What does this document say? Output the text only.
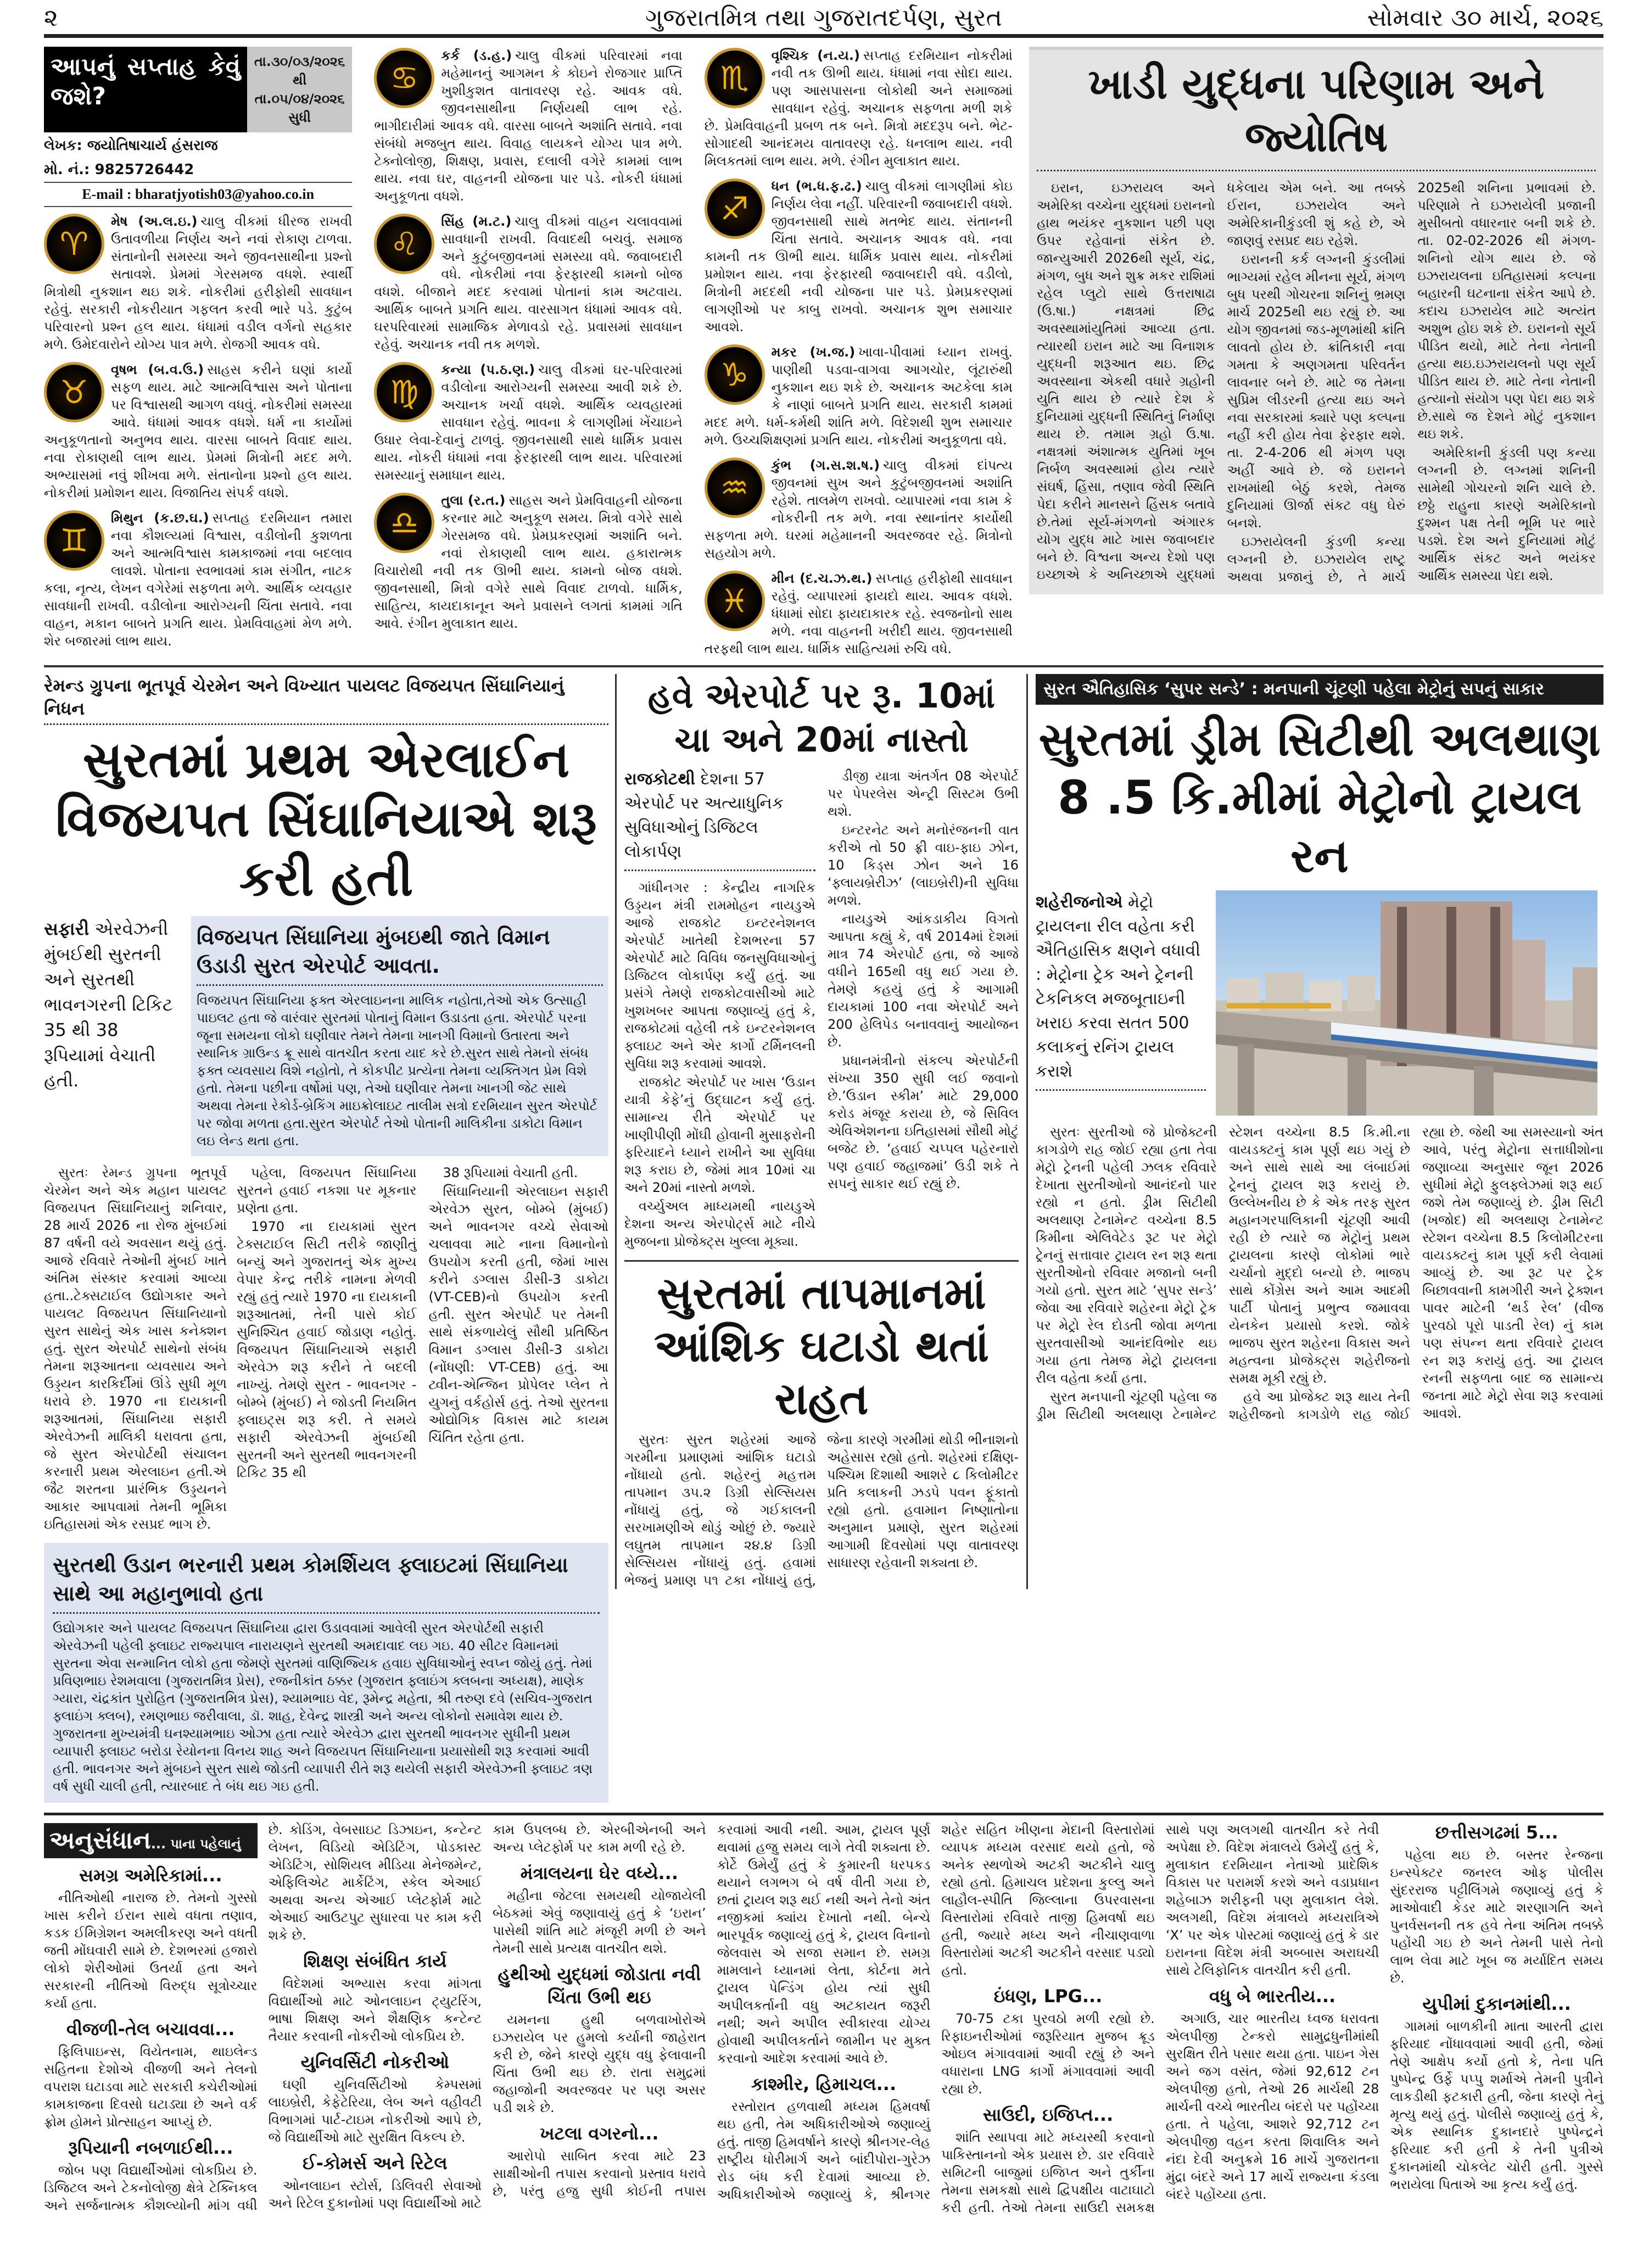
૨	ગુજરાતમિત્ર તથા ગુજરાતદર્પણ, સુરત	સોમવાર ૩૦ માર્ચ, ૨૦૨૬
આપનું સપ્તાહ કેવું જશે?
તા.૩૦/૦૩/૨૦૨૬ થી
તા.૦૫/૦૪/૨૦૨૬ સુધી
લેખક: જયોતિષાચાર્ય હંસરાજ
મો. નં.: 9825726442
E-mail : bharatjyotish03@yahoo.co.in
♈
મેષ (અ.લ.ઇ.) ચાલુ વીકમાં ધીરજ રાખવી ઉતાવળીયા નિર્ણય અને નવાં રોકાણ ટાળવા. સંતાનોની સમસ્યા અને જીવનસાથીના પ્રશ્નો સતાવશે. પ્રેમમાં ગેરસમજ વધશે. સ્વાર્થી મિત્રોથી નુકશાન થઇ શકે. નોકરીમાં હરીફોથી સાવધાન રહેવું. સરકારી નોકરીયાત ગફલત કરવી ભારે પડે. કુટુંબ પરિવારનો પ્રશ્ન હલ થાય. ધંધામાં વડીલ વર્ગનો સહકાર મળે. ઉમેદવારોને યોગ્ય પાત્ર મળે. રોજગી આવક વધે.
♉
વૃષભ (બ.વ.ઉ.) સાહસ કરીને ઘણાં કાર્યો સફળ થાય. માટે આત્મવિશ્વાસ અને પોતાના પર વિશ્વાસથી આગળ વધવું. નોકરીમાં સમસ્યા આવે. ધંધામાં આવક વધશે. ધર્મ ના કાર્યોમાં અનુકૂળતાનો અનુભવ થાય. વારસા બાબતે વિવાદ થાય. નવા રોકાણથી લાભ થાય. પ્રેમમાં મિત્રોની મદદ મળે. અભ્યાસમાં નવું શીખવા મળે. સંતાનોના પ્રશ્નો હલ થાય. નોકરીમાં પ્રમોશન થાય. વિજાતિય સંપર્ક વધશે.
♊
મિથુન (ક.છ.ઘ.) સપ્તાહ દરમિયાન તમારા નવા કૌશલ્યમાં વિશ્વાસ, વડીલોની કુશળતા અને આત્મવિશ્વાસ કામકાજમાં નવા બદલાવ લાવશે. પોતાના સ્વભાવમાં કામ સંગીત, નાટક કલા, નૃત્ય, લેખન વગેરેમાં સફળતા મળે. આર્થિક વ્યવહાર સાવધાની રાખવી. વડીલોના આરોગ્યની ચિંતા સતાવે. નવા વાહન, મકાન બાબતે પ્રગતિ થાય. પ્રેમવિવાહમાં મેળ મળે. શેર બજારમાં લાભ થાય.
♋
કર્ક (ડ.હ.) ચાલુ વીકમાં પરિવારમાં નવા મહેમાનનું આગમન કે કોઇને રોજગાર પ્રાપ્તિ ખુશીકુશત વાતાવરણ રહે. આવક વધે. જીવનસાથીના નિર્ણયથી લાભ રહે. ભાગીદારીમાં આવક વધે. વારસા બાબતે અશાંતિ સતાવે. નવા સંબંધો મજબુત થાય. વિવાહ લાયકને યોગ્ય પાત્ર મળે. ટેક્નોલોજી, શિક્ષણ, પ્રવાસ, દલાલી વગેરે કામમાં લાભ થાય. નવા ઘર, વાહનની યોજના પાર પડે. નોકરી ધંધામાં અનુકૂળતા વધશે.
♌
સિંહ (મ.ટ.) ચાલુ વીકમાં વાહન ચલાવવામાં સાવધાની રાખવી. વિવાદથી બચવું. સમાજ અને કુટુંબજીવનમાં સમસ્યા વધે. જવાબદારી વધે. નોકરીમાં નવા ફેરફારથી કામનો બોજ વધશે. બીજાને મદદ કરવામાં પોતાનાં કામ અટવાય. આર્થિક બાબતે પ્રગતિ થાય. વારસાગત ધંધામાં આવક વધે. ઘરપરિવારમાં સામાજિક મેળાવડો રહે. પ્રવાસમાં સાવધાન રહેવું. અચાનક નવી તક મળશે.
♍
કન્યા (પ.ઠ.ણ.) ચાલુ વીકમાં ઘર-પરિવારમાં વડીલોના આરોગ્યની સમસ્યા આવી શકે છે. અચાનક ખર્ચા વધશે. આર્થિક વ્યવહારમાં સાવધાન રહેવું. ભાવના કે લાગણીમાં ખેંચાઇને ઉધાર લેવા-દેવાનું ટાળવું. જીવનસાથી સાથે ધાર્મિક પ્રવાસ થાય. નોકરી ધંધામાં નવા ફેરફારથી લાભ થાય. પરિવારમાં સમસ્યાનું સમાધાન થાય.
♎
તુલા (ર.ત.) સાહસ અને પ્રેમવિવાહની યોજના કરનાર માટે અનુકૂળ સમય. મિત્રો વગેરે સાથે ગેરસમજ વધે. પ્રેમપ્રકરણમાં અશાંતિ બને. નવાં રોકાણથી લાભ થાય. હકારાત્મક વિચારોથી નવી તક ઊભી થાય. કામનો બોજ વધશે. જીવનસાથી, મિત્રો વગેરે સાથે વિવાદ ટાળવો. ધાર્મિક, સાહિત્ય, કાયદાકાનૂન અને પ્રવાસને લગતાં કામમાં ગતિ આવે. રંગીન મુલાકાત થાય.
♏
વૃશ્ચિક (ન.ય.) સપ્તાહ દરમિયાન નોકરીમાં નવી તક ઊભી થાય. ધંધામાં નવા સોદા થાય. પણ આસપાસના લોકોથી અને સમાજમાં સાવધાન રહેવું. અચાનક સફળતા મળી શકે છે. પ્રેમવિવાહની પ્રબળ તક બને. મિત્રો મદદરૂપ બને. ભેટ-સોગાદથી આનંદમય વાતાવરણ રહે. ધનલાભ થાય. નવી મિલકતમાં લાભ થાય. મળે. રંગીન મુલાકાત થાય.
♐
ધન (ભ.ધ.ફ.ઢ.) ચાલુ વીકમાં લાગણીમાં કોઇ નિર્ણય લેવા નહીં. પરિવારની જવાબદારી વધશે. જીવનસાથી સાથે મતભેદ થાય. સંતાનની ચિંતા સતાવે. અચાનક આવક વધે. નવા કામની તક ઊભી થાય. ધાર્મિક પ્રવાસ થાય. નોકરીમાં પ્રમોશન થાય. નવા ફેરફારથી જવાબદારી વધે. વડીલો, મિત્રોની મદદથી નવી યોજના પાર પડે. પ્રેમપ્રકરણમાં લાગણીઓ પર કાબુ રાખવો. અચાનક શુભ સમાચાર આવશે.
♑
મકર (ખ.જ.) ખાવા-પીવામાં ધ્યાન રાખવું. પાણીથી પડવા-વાગવા આગચોર, લૂંટારુંથી નુકશાન થઇ શકે છે. અચાનક અટકેલા કામ કે નાણાં બાબતે પ્રગતિ થાય. સરકારી કામમાં મદદ મળે. ધર્મ-કર્મથી શાંતિ મળે. વિદેશથી શુભ સમાચાર મળે. ઉચ્ચશિક્ષણમાં પ્રગતિ થાય. નોકરીમાં અનુકૂળતા વધે.
♒
કુંભ (ગ.સ.શ.ષ.) ચાલુ વીકમાં દાંપત્ય જીવનમાં સુખ અને કુટુંબજીવનમાં અશાંતિ રહેશે. તાલમેળ રાખવો. વ્યાપારમાં નવા કામ કે નોકરીની તક મળે. નવા સ્થાનાંતર કાર્યોથી સફળતા મળે. ઘરમાં મહેમાનની અવરજવર રહે. મિત્રોનો સહયોગ મળે.
♓
મીન (દ.ચ.ઝ.થ.) સપ્તાહ હરીફોથી સાવધાન રહેવું. વ્યાપારમાં ફાયદો થાય. આવક વધશે. ધંધામાં સોદા ફાયદાકારક રહે. સ્વજનોનો સાથ મળે. નવા વાહનની ખરીદી થાય. જીવનસાથી તરફથી લાભ થાય. ધાર્મિક સાહિત્યમાં રુચિ વધે.
ખાડી યુદ્ધના પરિણામ અને જ્યોતિષ

ઇરાન, ઇઝરાયલ અને અમેરિકા વચ્ચેના યુદ્ધમાં ઇરાનનો હાથ ભયંકર નુકશાન પછી પણ ઉપર રહેવાનાં સંકેત છે. જાન્યુઆરી 2026થી સૂર્ય, ચંદ્ર, મંગળ, બુધ અને શુક્ર મકર રાશિમાં રહેલ પ્લુટો સાથે ઉત્તરાષાઢા (ઉ.ષા.) નક્ષત્રમાં છિદ્ર અવસ્થામાંયુતિમાં આવ્યા હતા. ત્યારથી ઇરાન માટે આ વિનાશક યુદ્ધની શરૂઆત થઇ. છિદ્ર અવસ્થાના એકથી વધારે ગ્રહોની યુતિ થાય છે ત્યારે દેશ કે દુનિયામાં યુદ્ધની સ્થિતિનું નિર્માણ થાય છે. તમામ ગ્રહો ઉ.ષા. નક્ષત્રમાં અંશાત્મક યુતિમાં ખૂબ નિર્બળ અવસ્થામાં હોય ત્યારે સંઘર્ષ, હિંસા, તણાવ જેવી સ્થિતિ પેદા કરીને માનસને હિંસક બતાવે છે.તેમાં સૂર્ય-મંગળનો અંગારક યોગ યુદ્ધ માટે ખાસ જવાબદાર બને છે. વિશ્વના અન્ય દેશો પણ ઇચ્છાએ કે અનિચ્છાએ યુદ્ધમાં ધકેલાય એમ બને. આ તબક્કે ઈરાન, ઇઝરાયેલ અને અમેરિકાનીકુંડલી શું કહે છે, એ જાણવું રસપ્રદ થઇ રહેશે.

ઇરાનની કર્ક લગ્નની કુંડલીમાં ભાગ્યમાં રહેલ મીનના સૂર્ય, મંગળ બુધ પરથી ગોચરના શનિનું ભ્રમણ માર્ચ 2025થી થઇ રહ્યું છે. આ યોગ જીવનમાં જડ-મૂળમાંથી ક્રાંતિ લાવતો હોય છે. ક્રાંતિકારી નવા ગમતા કે અણગમતા પરિવર્તન લાવનાર બને છે. માટે જ તેમના સુપ્રિમ લીડરની હત્યા થઇ અને નવા સરકારમાં ક્યારે પણ કલ્પના નહીં કરી હોય તેવા ફેરફાર થશે. તા. 2-4-206 થી મંગળ પણ અહીં આવે છે. જે ઇરાનને રાખમાંથી બેઠું કરશે, તેમજ દુનિયામાં ઊર્જા સંકટ વધુ ઘેરું બનશે.

ઇઝરાયેલની કુંડળી કન્યા લગ્નની છે. ઇઝરાયેલ રાષ્ટ્ર અથવા પ્રજાનું છે, તે માર્ચ 2025થી શનિના પ્રભાવમાં છે. પરિણામે તે ઇઝરાયેલી પ્રજાની મુસીબતો વધારનાર બની શકે છે. તા. 02-02-2026 થી મંગળ-શનિનો યોગ થાય છે. જે ઇઝરાયલના ઇતિહાસમાં કલ્પના બહારની ઘટનાના સંકેત આપે છે. કદાચ ઇઝરાયેલ માટે અત્યંત અશુભ હોઇ શકે છે. ઇરાનનો સૂર્ય પીડિત થયો, માટે તેના નેતાની હત્યા થઇ.ઇઝરાયલનો પણ સૂર્ય પીડિત થાય છે. માટે તેના નેતાની હત્યાનો સંયોગ પણ પેદા થઇ શકે છે.સાથે જ દેશને મોટું નુકશાન થઇ શકે.

અમેરિકાની કુંડલી પણ કન્યા લગ્નની છે. લગ્નમાં શનિની સામેથી ગોચરનો શનિ ચાલે છે. છઠ્ઠે રાહુના કારણે અમેરિકાનો દુશ્મન પક્ષ તેની ભૂમિ પર ભારે પડશે. દેશ અને દુનિયામાં મોટું આર્થિક સંકટ અને ભયંકર આર્થિક સમસ્યા પેદા થશે.

રેમન્ડ ગ્રુપના ભૂતપૂર્વ ચેરમેન અને વિખ્યાત પાયલટ વિજયપત સિંઘાનિયાનું નિધન
સુરતમાં પ્રથમ એરલાઈન વિજયપત સિંઘાનિયાએ શરૂ કરી હતી
સફારી એરવેઝની મુંબઈથી સુરતની અને સુરતથી ભાવનગરની ટિકિટ 35 થી 38 રૂપિયામાં વેચાતી હતી.
વિજયપત સિંઘાનિયા મુંબઇથી જાતે વિમાન ઉડાડી સુરત એરપોર્ટ આવતા.
વિજયપત સિંઘાનિયા ફક્ત એરલાઇનના માલિક નહોતા,તેઓ એક ઉત્સાહી પાઇલટ હતા જે વારંવાર સુરતમાં પોતાનું વિમાન ઉડાડતા હતા. એરપોર્ટ પરના જૂના સમયના લોકો ઘણીવાર તેમને તેમના ખાનગી વિમાનો ઉતારતા અને સ્થાનિક ગ્રાઉન્ડ ક્રૂ સાથે વાતચીત કરતા યાદ કરે છે.સુરત સાથે તેમનો સંબંધ ફક્ત વ્યવસાય વિશે નહોતો, તે કોકપીટ પ્રત્યેના તેમના વ્યક્તિગત પ્રેમ વિશે હતો. તેમના પછીના વર્ષોમાં પણ, તેઓ ઘણીવાર તેમના ખાનગી જેટ સાથે અથવા તેમના રેકોર્ડ-બ્રેકિંગ માઇક્રોલાઇટ તાલીમ સત્રો દરમિયાન સુરત એરપોર્ટ પર જોવા મળતા હતા.સુરત એરપોર્ટ તેઓ પોતાની માલિકીના ડાકોટા વિમાન લઇ લેન્ડ થતા હતા.

સુરતઃ રેમન્ડ ગ્રુપના ભૂતપૂર્વ ચેરમેન અને એક મહાન પાયલટ વિજયપત સિંઘાનિયાનું શનિવાર, 28 માર્ચ 2026 ના રોજ મુંબઈમાં 87 વર્ષની વયે અવસાન થયું હતું. આજે રવિવારે તેઓની મુંબઈ ખાતે અંતિમ સંસ્કાર કરવામાં આવ્યા હતા..ટેક્સટાઈલ ઉદ્યોગકાર અને પાયલટ વિજયપત સિંઘાનિયાનો સુરત સાથેનું એક ખાસ કનેક્શન હતું. સુરત એરપોર્ટ સાથેનો સંબંધ તેમના શરૂઆતના વ્યવસાય અને ઉડ્ડયન કારકિર્દીમાં ઊંડે સુધી મૂળ ધરાવે છે. 1970 ના દાયકાની શરૂઆતમાં, સિંઘાનિયા સફારી એરવેઝની માલિકી ધરાવતા હતા, જે સુરત એરપોર્ટથી સંચાલન કરનારી પ્રથમ એરલાઇન હતી.એ જૈટ શરતના પ્રારંભિક ઉડ્ડયનને આકાર આપવામાં તેમની ભૂમિકા ઇતિહાસમાં એક રસપ્રદ ભાગ છે.

પહેલા, વિજયપત સિંઘાનિયા સુરતને હવાઈ નકશા પર મૂકનાર પ્રણેતા હતા.

1970 ના દાયકામાં સુરત ટેક્સટાઈલ સિટી તરીકે જાણીતું બન્યું અને ગુજરાતનું એક મુખ્ય વેપાર કેન્દ્ર તરીકે નામના મેળવી રહ્યું હતું ત્યારે 1970 ના દાયકાની શરૂઆતમાં, તેની પાસે કોઈ સુનિશ્ચિત હવાઈ જોડાણ નહોતું. વિજયપત સિંઘાનિયાએ સફારી એરવેઝ શરૂ કરીને તે બદલી નાખ્યું. તેમણે સુરત - ભાવનગર - બોમ્બે (મુંબઈ) ને જોડતી નિયમિત ફ્લાઇટ્સ શરૂ કરી. તે સમયે સફારી એરવેઝની મુંબઈથી સુરતની અને સુરતથી ભાવનગરની ટિકિટ 35 થી

38 રૂપિયામાં વેચાતી હતી.

સિંઘાનિયાની એરલાઇન સફારી એરવેઝ સુરત, બોમ્બે (મુંબઈ) અને ભાવનગર વચ્ચે સેવાઓ ચલાવવા માટે નાના વિમાનોનો ઉપયોગ કરતી હતી, જેમાં ખાસ કરીને ડગ્લાસ ડીસી-3 ડાકોટા (VT-CEB)નો ઉપયોગ કરતી હતી. સુરત એરપોર્ટ પર તેમની સાથે સંકળાયેલું સૌથી પ્રતિષ્ઠિત વિમાન ડગ્લાસ ડીસી-3 ડાકોટા (નોંધણી: VT-CEB) હતું. આ ટ્વીન-એન્જિન પ્રોપેલર પ્લેન તે યુગનું વર્કહોર્સ હતું. તેઓ સુરતના ઓદ્યોગિક વિકાસ માટે કાયમ ચિંતિત રહેતા હતા.

સુરતથી ઉડાન ભરનારી પ્રથમ કોમર્શિયલ ફ્લાઇટમાં સિંઘાનિયા સાથે આ મહાનુભાવો હતા
ઉદ્યોગકાર અને પાયલટ વિજયપત સિંઘાનિયા દ્વારા ઉડાવવામાં આવેલી સુરત એરપોર્ટથી સફારી એરવેઝની પહેલી ફ્લાઇટ રાજ્યપાલ નારાયણને સુરતથી અમદાવાદ લઇ ગઇ. 40 સીટર વિમાનમાં સુરતના એવા સન્માનિત લોકો હતા જેમણે સુરતમાં વાણિજ્યિક હવાઇ સુવિધાઓનું સ્વપ્ન જોયું હતું. તેમાં પ્રવિણભાઇ રેશમવાલા (ગુજરાતમિત્ર પ્રેસ), રજનીકાંત ઠક્કર (ગુજરાત ફ્લાઇંગ ક્લબના અધ્યક્ષ), માણેક ગ્યારા, ચંદ્રકાંત પુરોહિત (ગુજરાતમિત્ર પ્રેસ), શ્યામભાઇ વેદ, રૂમેન્દ્ર મહેતા, શ્રી તરુણ દવે (સચિવ-ગુજરાત ફ્લાઇંગ ક્લબ), રમણભાઇ જરીવાલા, ડૉ. શાહ, દેવેન્દ્ર શાસ્ત્રી અને અન્ય લોકોનો સમાવેશ થાય છે. ગુજરાતના મુખ્યમંત્રી ઘનશ્યામભાઇ ઓઝા હતા ત્યારે એરવેઝ દ્વારા સુરતથી ભાવનગર સુધીની પ્રથમ વ્યાપારી ફ્લાઇટ બરોડા રેયોનના વિનય શાહ અને વિજયપત સિંઘાનિયાના પ્રયાસોથી શરૂ કરવામાં આવી હતી. ભાવનગર અને મુંબઇને સુરત સાથે જોડતી વ્યાપારી રીતે શરૂ થયેલી સફારી એરવેઝની ફ્લાઇટ ત્રણ વર્ષ સુધી ચાલી હતી, ત્યારબાદ તે બંધ થઇ ગઇ હતી.
હવે એરપોર્ટ પર રૂ. 10માં ચા અને 20માં નાસ્તો
રાજકોટથી દેશના 57 એરપોર્ટ પર અત્યાધુનિક સુવિધાઓનું ડિજિટલ લોકાર્પણ

ગાંધીનગર : કેન્દ્રીય નાગરિક ઉડ્ડયન મંત્રી રામમોહન નાયડુએ આજે રાજકોટ ઇન્ટરનેશનલ એરપોર્ટ ખાતેથી દેશભરના 57 એરપોર્ટ માટે વિવિધ જનસુવિધાઓનું ડિજિટલ લોકાર્પણ કર્યું હતું. આ પ્રસંગે તેમણે રાજકોટવાસીઓ માટે ખુશખબર આપતા જણાવ્યું હતું કે, રાજકોટમાં વહેલી તકે ઇન્ટરનેશનલ ફ્લાઇટ અને એર કાર્ગો ટર્મિનલની સુવિધા શરૂ કરવામાં આવશે.

રાજકોટ એરપોર્ટ પર ખાસ ‘ઉડાન યાત્રી કેફે’નું ઉદ્ઘાટન કર્યું હતું. સામાન્ય રીતે એરપોર્ટ પર ખાણીપીણી મોંઘી હોવાની મુસાફરોની ફરિયાદને ધ્યાને રાખીને આ સુવિધા શરૂ કરાઇ છે, જેમાં માત્ર 10માં ચા અને 20માં નાસ્તો મળશે.

વર્ચ્યુઅલ માધ્યમથી નાયડુએ દેશના અન્ય એરપોર્ટ્સ માટે નીચે મુજબના પ્રોજેક્ટ્સ ખુલ્લા મૂક્યા.

ડીજી યાત્રા અંતર્ગત 08 એરપોર્ટ પર પેપરલેસ એન્ટ્રી સિસ્ટમ ઉભી થશે.

ઇન્ટરનેટ અને મનોરંજનની વાત કરીએ તો 50 ફ્રી વાઇ-ફાઇ ઝોન, 10 કિડ્સ ઝોન અને 16 ‘ફ્લાયબ્રેરીઝ’ (લાઇબ્રેરી)ની સુવિધા મળશે.

નાયડુએ આંકડાકીય વિગતો આપતા કહ્યું કે, વર્ષ 2014માં દેશમાં માત્ર 74 એરપોર્ટ હતા, જે આજે વધીને 165થી વધુ થઈ ગયા છે. તેમણે કહયું હતું કે આગામી દાયકામાં 100 નવા એરપોર્ટ અને 200 હેલિપેડ બનાવવાનું આયોજન છે.

પ્રધાનમંત્રીનો સંકલ્પ એરપોર્ટની સંખ્યા 350 સુધી લઈ જવાનો છે.’ઉડાન સ્કીમ’ માટે 29,000 કરોડ મંજૂર કરાયા છે, જે સિવિલ એવિએશનના ઇતિહાસમાં સૌથી મોટું બજેટ છે. ‘હવાઈ ચપ્પલ પહેરનારો પણ હવાઈ જહાજમાં’ ઉડી શકે તે સપનું સાકાર થઈ રહ્યું છે.

સુરતમાં તાપમાનમાં આંશિક ઘટાડો થતાં રાહત

સુરતઃ સુરત શહેરમાં આજે ગરમીના પ્રમાણમાં આંશિક ઘટાડો નોંધાયો હતો. શહેરનું મહત્તમ તાપમાન ૩૫.૨ ડિગ્રી સેલ્સિયસ નોંધાયું હતું, જે ગઈકાલની સરખામણીએ થોડું ઓછું છે. જ્યારે લઘુતમ તાપમાન ૨૪.૪ ડિગ્રી સેલ્સિયસ નોંધાયું હતું. હવામાં ભેજનું પ્રમાણ ૫૧ ટકા નોંધાયું હતું, જેના કારણે ગરમીમાં થોડી ભીનાશનો અહેસાસ રહ્યો હતો. શહેરમાં દક્ષિણ-પશ્ચિમ દિશાથી આશરે ૮ કિલોમીટર પ્રતિ કલાકની ઝડપે પવન ફૂંકાતો રહ્યો હતો. હવામાન નિષ્ણાતોના અનુમાન પ્રમાણે, સુરત શહેરમાં આગામી દિવસોમાં પણ વાતાવરણ સાધારણ રહેવાની શક્યતા છે.

સુરત ઐતિહાસિક ‘સુપર સન્ડે’ : મનપાની ચૂંટણી પહેલા મેટ્રોનું સપનું સાકાર
સુરતમાં ડ્રીમ સિટીથી અલથાણ
8 .5 કિ.મીમાં મેટ્રોનો ટ્રાયલ રન
શહેરીજનોએ મેટ્રો ટ્રાયલના રીલ વહેતા કરી ઐતિહાસિક ક્ષણને વધાવી : મેટ્રોના ટ્રેક અને ટ્રેનની ટેકનિકલ મજબૂતાઇની ખરાઇ કરવા સતત 500 કલાકનું રનિંગ ટ્રાયલ કરાશે

સુરતઃ સુરતીઓ જે પ્રોજેક્ટની કાગડોળે રાહ જોઈ રહ્યા હતા તેવા મેટ્રો ટ્રેનની પહેલી ઝલક રવિવારે દેખાતા સુરતીઓનો આનંદનો પાર રહ્યો ન હતો. ડ્રીમ સિટીથી અલથાણ ટેનામેન્ટ વચ્ચેના 8.5 કિમીના એલિવેટેડ રૂટ પર મેટ્રો ટ્રેનનું સત્તાવાર ટ્રાયલ રન શરૂ થતા સુરતીઓનો રવિવાર મજાનો બની ગયો હતો. સુરત માટે ‘સુપર સન્ડે’ જેવા આ રવિવારે શહેરના મેટ્રો ટ્રેક પર મેટ્રો રેલ દોડતી જોવા મળતા સુરતવાસીઓ આનંદવિભોર થઇ ગયા હતા તેમજ મેટ્રો ટ્રાયલના રીલ વહેતા કર્યા હતા.

સુરત મનપાની ચૂંટણી પહેલા જ ડ્રીમ સિટીથી અલથાણ ટેનામેન્ટ સ્ટેશન વચ્ચેના 8.5 કિ.મી.ના વાયડક્ટનું કામ પૂર્ણ થઇ ગયું છે અને સાથે સાથે આ લંબાઈમાં ટ્રેનનું ટ્રાયલ શરૂ કરાયું છે. ઉલ્લેખનીય છે કે એક તરફ સુરત મહાનગરપાલિકાની ચૂંટણી આવી રહી છે ત્યારે જ મેટ્રોનું પ્રથમ ટ્રાયલના કારણે લોકોમાં ભારે ચર્ચાનો મુદ્દો બન્યો છે. ભાજપ સાથે કોંગ્રેસ અને આમ આદમી પાર્ટી પોતાનું પ્રભુત્વ જમાવવા યેનકેન પ્રયાસો કરશે. જોકે ભાજપ સુરત શહેરના વિકાસ અને મહત્વના પ્રોજેક્ટ્સ શહેરીજનો સમક્ષ મૂકી રહ્યું છે.

હવે આ પ્રોજેક્ટ શરૂ થાય તેની શહેરીજનો કાગડોળે રાહ જોઈ રહ્યા છે. જેથી આ સમસ્યાનો અંત આવે, પરંતુ મેટ્રોના સત્તાધીશોના જણાવ્યા અનુસાર જૂન 2026 સુધીમાં મેટ્રો ફુલફ્લેઝમાં શરૂ થઈ જશે તેમ જણાવ્યું છે. ડ્રીમ સિટી (ખજોદ) થી અલથાણ ટેનામેન્ટ સ્ટેશન વચ્ચેના 8.5 કિલોમીટરના વાયડક્ટનું કામ પૂર્ણ કરી લેવામાં આવ્યું છે. આ રૂટ પર ટ્રેક બિછાવવાની કામગીરી અને ટ્રેક્શન પાવર માટેની ‘થર્ડ રેલ’ (વીજ પુરવઠો પૂરો પાડતી રેલ) નું કામ પણ સંપન્ન થતા રવિવારે ટ્રાયલ રન શરૂ કરાયું હતું. આ ટ્રાયલ રનની સફળતા બાદ જ સામાન્ય જનતા માટે મેટ્રો સેવા શરૂ કરવામાં આવશે.

અનુસંધાન... પાના પહેલાનું
સમગ્ર અમેરિકામાં...

નીતિઓથી નારાજ છે. તેમનો ગુસ્સો ખાસ કરીને ઈરાન સાથે વધતા તણાવ, કડક ઈમિગ્રેશન અમલીકરણ અને વધતી જતી મોંઘવારી સામે છે. દેશભરમાં હજારો લોકો શેરીઓમાં ઉતર્યા હતા અને સરકારની નીતિઓ વિરુદ્ધ સૂત્રોચ્ચાર કર્યા હતા.

વીજળી-તેલ બચાવવા...

ફિલિપાઇન્સ, વિયેતનામ, થાઇલેન્ડ સહિતના દેશોએ વીજળી અને તેલનો વપરાશ ઘટાડવા માટે સરકારી કચેરીઓમાં કામકાજના દિવસો ઘટાડ્યા છે અને વર્ક ફ્રોમ હોમને પ્રોત્સાહન આપ્યું છે.

રૂપિયાની નબળાઈથી...

જોબ પણ વિદ્યાર્થીઓમાં લોકપ્રિય છે. ડિજિટલ અને ટેકનોલોજી ક્ષેત્રે ટેક્નિકલ અને સર્જનાત્મક કૌશલ્યોની માંગ વધી છે. કોડિંગ, વેબસાઇટ ડિઝાઇન, કન્ટેન્ટ લેખન, વિડિયો એડિટિંગ, પોડકાસ્ટ એડિટિંગ, સોશિયલ મીડિયા મેનેજમેન્ટ, એફિલિએટ માર્કેટિંગ, સ્કેલ એઆઈ અથવા અન્ય એઆઈ પ્લેટફોર્મ માટે એઆઈ આઉટપુટ સુધારવા પર કામ કરી શકે છે.

શિક્ષણ સંબંધિત કાર્ય

વિદેશમાં અભ્યાસ કરવા માંગતા વિદ્યાર્થીઓ માટે ઓનલાઇન ટ્યુટરિંગ, ભાષા શિક્ષણ અને શૈક્ષણિક કન્ટેન્ટ તૈયાર કરવાની નોકરીઓ લોકપ્રિય છે.

યુનિવર્સિટી નોકરીઓ

ઘણી યુનિવર્સિટીઓ કેમ્પસમાં લાઇબ્રેરી, કેફેટેરિયા, લેબ અને વહીવટી વિભાગમાં પાર્ટ-ટાઇમ નોકરીઓ આપે છે, જે વિદ્યાર્થીઓ માટે સુરક્ષિત વિકલ્પ છે.

ઈ-કોમર્સ અને રિટેલ

ઓનલાઇન સ્ટોર્સ, ડિલિવરી સેવાઓ અને રિટેલ દુકાનોમાં પણ વિદ્યાર્થીઓ માટે કામ ઉપલબ્ધ છે. એરબીએનબી અને અન્ય પ્લેટફોર્મ પર કામ મળી રહે છે.

મંત્રાલયના ઘેર વધ્યે...

મહીના જેટલા સમયથી યોજાયેલી બેઠકમાં એવું જણાવાયું હતું કે ‘ઇરાન’ પાસેથી શાંતિ માટે મંજૂરી મળી છે અને તેમની સાથે પ્રત્યક્ષ વાતચીત થશે.

હુથીઓ યુદ્ધમાં જોડાતા નવી ચિંતા ઉભી થઇ

યમનના હુથી બળવાખોરોએ ઇઝરાયેલ પર હુમલો કર્યાની જાહેરાત કરી છે, જેને કારણે યુદ્ધ વધુ ફેલાવાની ચિંતા ઉભી થઇ છે. રાતા સમુદ્રમાં જહાજોની અવરજવર પર પણ અસર પડી શકે છે.

ખટલા વગરનો...

આરોપો સાબિત કરવા માટે 23 સાક્ષીઓની તપાસ કરવાનો પ્રસ્તાવ ધરાવે છે, પરંતુ હજુ સુધી કોઈની તપાસ કરવામાં આવી નથી. આમ, ટ્રાયલ પૂર્ણ થવામાં હજુ સમય લાગે તેવી શક્યતા છે. કોર્ટે ઉમેર્યું હતું કે કુમારની ધરપકડ થયાને લગભગ બે વર્ષ વીતી ગયા છે, છતાં ટ્રાયલ શરૂ થઈ નથી અને તેનો અંત નજીકમાં ક્યાંય દેખાતો નથી. બેન્ચે ભારપૂર્વક જણાવ્યું હતું કે, ટ્રાયલ વિનાનો જેલવાસ એ સજા સમાન છે. સમગ્ર મામલાને ધ્યાનમાં લેતા, કોર્ટના મતે ટ્રાયલ પેન્ડિંગ હોય ત્યાં સુધી અપીલકર્તાની વધુ અટકાયત જરૂરી નથી; અને અપીલ સ્વીકારવા યોગ્ય હોવાથી અપીલકર્તાને જામીન પર મુક્ત કરવાનો આદેશ કરવામાં આવે છે.

કાશ્મીર, હિમાચલ...

રસ્તોરાત હળવાથી મધ્યમ હિમવર્ષા થઇ હતી, તેમ અધિકારીઓએ જણાવ્યું હતું. તાજી હિમવર્ષાને કારણે શ્રીનગર-લેહ રાષ્ટ્રીય ધોરીમાર્ગ અને બાંદીપોરા-ગુરેઝ રોડ બંધ કરી દેવામાં આવ્યા છે. અધિકારીઓએ જણાવ્યું કે, શ્રીનગર શહેર સહિત ખીણના મેદાની વિસ્તારોમાં વ્યાપક મધ્યમ વરસાદ થયો હતો, જે અનેક સ્થળોએ અટકી અટકીને ચાલુ રહ્યો હતો. હિમાચલ પ્રદેશના કુલ્લુ અને લાહૌલ-સ્પીતિ જિલ્લાના ઉપરવાસના વિસ્તારોમાં રવિવારે તાજી હિમવર્ષા થઇ હતી, જ્યારે મધ્ય અને નીચાણવાળા વિસ્તારોમાં અટકી અટકીને વરસાદ પડ્યો હતો.

ઇંધણ, LPG...

70-75 ટકા પુરવઠો મળી રહ્યો છે. રિફાઇનરીઓમાં જરૂરિયાત મુજબ ક્રૂડ ઓઇલ મંગાવવામાં આવી રહ્યું છે અને વધારાના LNG કાર્ગો મંગાવવામાં આવી રહ્યા છે.

સાઉદી, ઇજિપ્ત...

શાંતિ સ્થાપવા માટે મધ્યસ્થી કરવાનો પાકિસ્તાનનો એક પ્રયાસ છે. ડાર રવિવારે સમિટની બાજુમાં ઇજિપ્ત અને તુર્કીના તેમના સમકક્ષો સાથે દ્વિપક્ષીય વાટાઘાટો કરી હતી. તેઓ તેમના સાઉદી સમકક્ષ સાથે પણ અલગથી વાતચીત કરે તેવી અપેક્ષા છે. વિદેશ મંત્રાલયે ઉમેર્યું હતું કે, મુલાકાત દરમિયાન નેતાઓ પ્રાદેશિક વિકાસ પર પરામર્શ કરશે અને વડાપ્રધાન શહેબાઝ શરીફની પણ મુલાકાત લેશે. અલગથી, વિદેશ મંત્રાલયે મધ્યરાત્રિએ ‘X’ પર એક પોસ્ટમાં જણાવ્યું હતું કે ડાર ઇરાનના વિદેશ મંત્રી અબ્બાસ અરાઘચી સાથે ટેલિફોનિક વાતચીત કરી હતી.

વધુ બે ભારતીય...

અગાઉ, ચાર ભારતીય ધ્વજ ધરાવતા એલપીજી ટેન્કરો સામુદ્રધુનીમાંથી સુરક્ષિત રીતે પસાર થયા હતા. પાઇન ગેસ અને જગ વસંત, જેમાં 92,612 ટન એલપીજી હતો, તેઓ 26 માર્ચથી 28 માર્ચની વચ્ચે ભારતીય બંદરો પર પહોંચ્યા હતા. તે પહેલા, આશરે 92,712 ટન એલપીજી વહન કરતા શિવાલિક અને નંદા દેવી અનુક્રમે 16 માર્ચે ગુજરાતના મુંદ્રા બંદરે અને 17 માર્ચે રાજ્યના કંડલા બંદરે પહોંચ્યા હતા.

છત્તીસગઢમાં 5...

પહેલા થઇ છે. બસ્તર રેન્જના ઇન્સ્પેક્ટર જનરલ ઓફ પોલીસ સુંદરરાજ પટ્ટીલિંગમે જણાવ્યું હતું કે માઓવાદી કેડર માટે શરણાગતિ અને પુનર્વસનની તક હવે તેના અંતિમ તબક્કે પહોંચી ગઇ છે અને તેમની પાસે તેનો લાભ લેવા માટે ખૂબ જ મર્યાદિત સમય છે.

યુપીમાં દુકાનમાંથી...

ગામમાં બાળકીની માતા આરતી દ્વારા ફરિયાદ નોંધાવવામાં આવી હતી, જેમાં તેણે આક્ષેપ કર્યો હતો કે, તેના પતિ પુષ્પેન્દ્ર ઉર્ફે પપ્પુ શર્માએ તેમની પુત્રીને લાકડીથી ફટકારી હતી, જેના કારણે તેનું મૃત્યુ થયું હતું. પોલીસે જણાવ્યું હતું કે, એક સ્થાનિક દુકાનદારે પુષ્પેન્દ્રને ફરિયાદ કરી હતી કે તેની પુત્રીએ દુકાનમાંથી ચોકલેટ ચોરી હતી. ગુસ્સે ભરાયેલા પિતાએ આ કૃત્ય કર્યું હતું.
